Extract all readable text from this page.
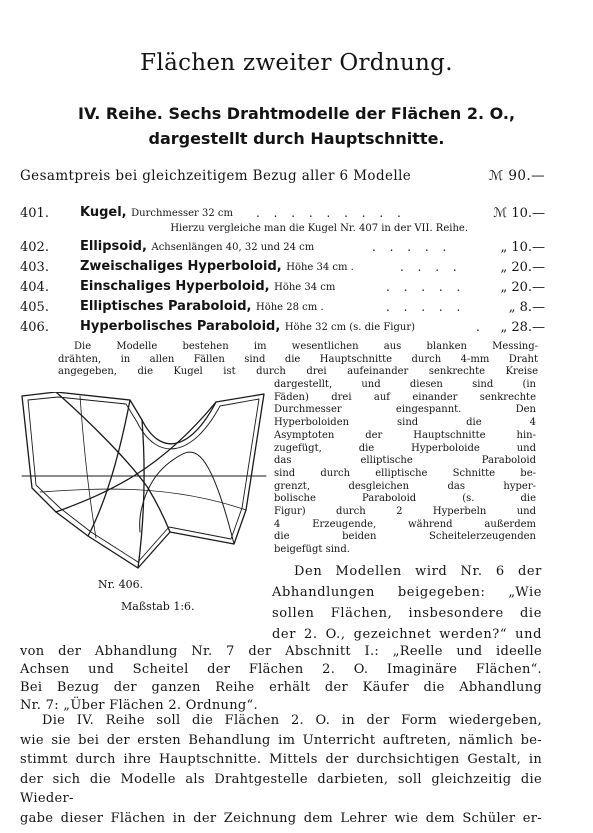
Flächen zweiter Ordnung.
IV. Reihe. Sechs Drahtmodelle der Flächen 2. O.,
dargestellt durch Hauptschnitte.
Gesamtpreis bei gleichzeitigem Bezug aller 6 Modelle	ℳ 90.—
401. Kugel, Durchmesser 32 cm . . . . . . . . .	ℳ 10.—
Hierzu vergleiche man die Kugel Nr. 407 in der VII. Reihe.
402. Ellipsoid, Achsenlängen 40, 32 und 24 cm	. . . . .	„ 10.—
403. Zweischaliges Hyperboloid, Höhe 34 cm .	. . . .	„ 20.—
404. Einschaliges Hyperboloid, Höhe 34 cm	. . . . .	„ 20.—
405. Elliptisches Paraboloid, Höhe 28 cm .	. . . . .	„ 8.—
406. Hyperbolisches Paraboloid, Höhe 32 cm (s. die Figur)	. „ 28.—
Die Modelle bestehen im wesentlichen aus blanken Messing-
drähten, in allen Fällen sind die Hauptschnitte durch 4-mm Draht
angegeben, die Kugel ist durch drei aufeinander senkrechte Kreise
dargestellt, und diesen sind (in
Fäden) drei auf einander senkrechte
Durchmesser eingespannt. Den
Hyperboloiden sind die 4
Asymptoten der Hauptschnitte hin-
zugefügt, die Hyperboloide und
das elliptische Paraboloid
sind durch elliptische Schnitte be-
grenzt, desgleichen das hyper-
bolische Paraboloid (s. die
Figur) durch 2 Hyperbeln und
4 Erzeugende, während außerdem
die beiden Scheitelerzeugenden
beigefügt sind.
Nr. 406.
Maßstab 1:6.
Den Modellen wird Nr. 6 der
Abhandlungen beigegeben: „Wie
sollen Flächen, insbesondere die
der 2. O., gezeichnet werden?“ und
von der Abhandlung Nr. 7 der Abschnitt I.: „Reelle und ideelle
Achsen und Scheitel der Flächen 2. O. Imaginäre Flächen“.
Bei Bezug der ganzen Reihe erhält der Käufer die Abhandlung
Nr. 7: „Über Flächen 2. Ordnung“.
Die IV. Reihe soll die Flächen 2. O. in der Form wiedergeben,
wie sie bei der ersten Behandlung im Unterricht auftreten, nämlich be-
stimmt durch ihre Hauptschnitte. Mittels der durchsichtigen Gestalt, in
der sich die Modelle als Drahtgestelle darbieten, soll gleichzeitig die Wieder-
gabe dieser Flächen in der Zeichnung dem Lehrer wie dem Schüler er-
